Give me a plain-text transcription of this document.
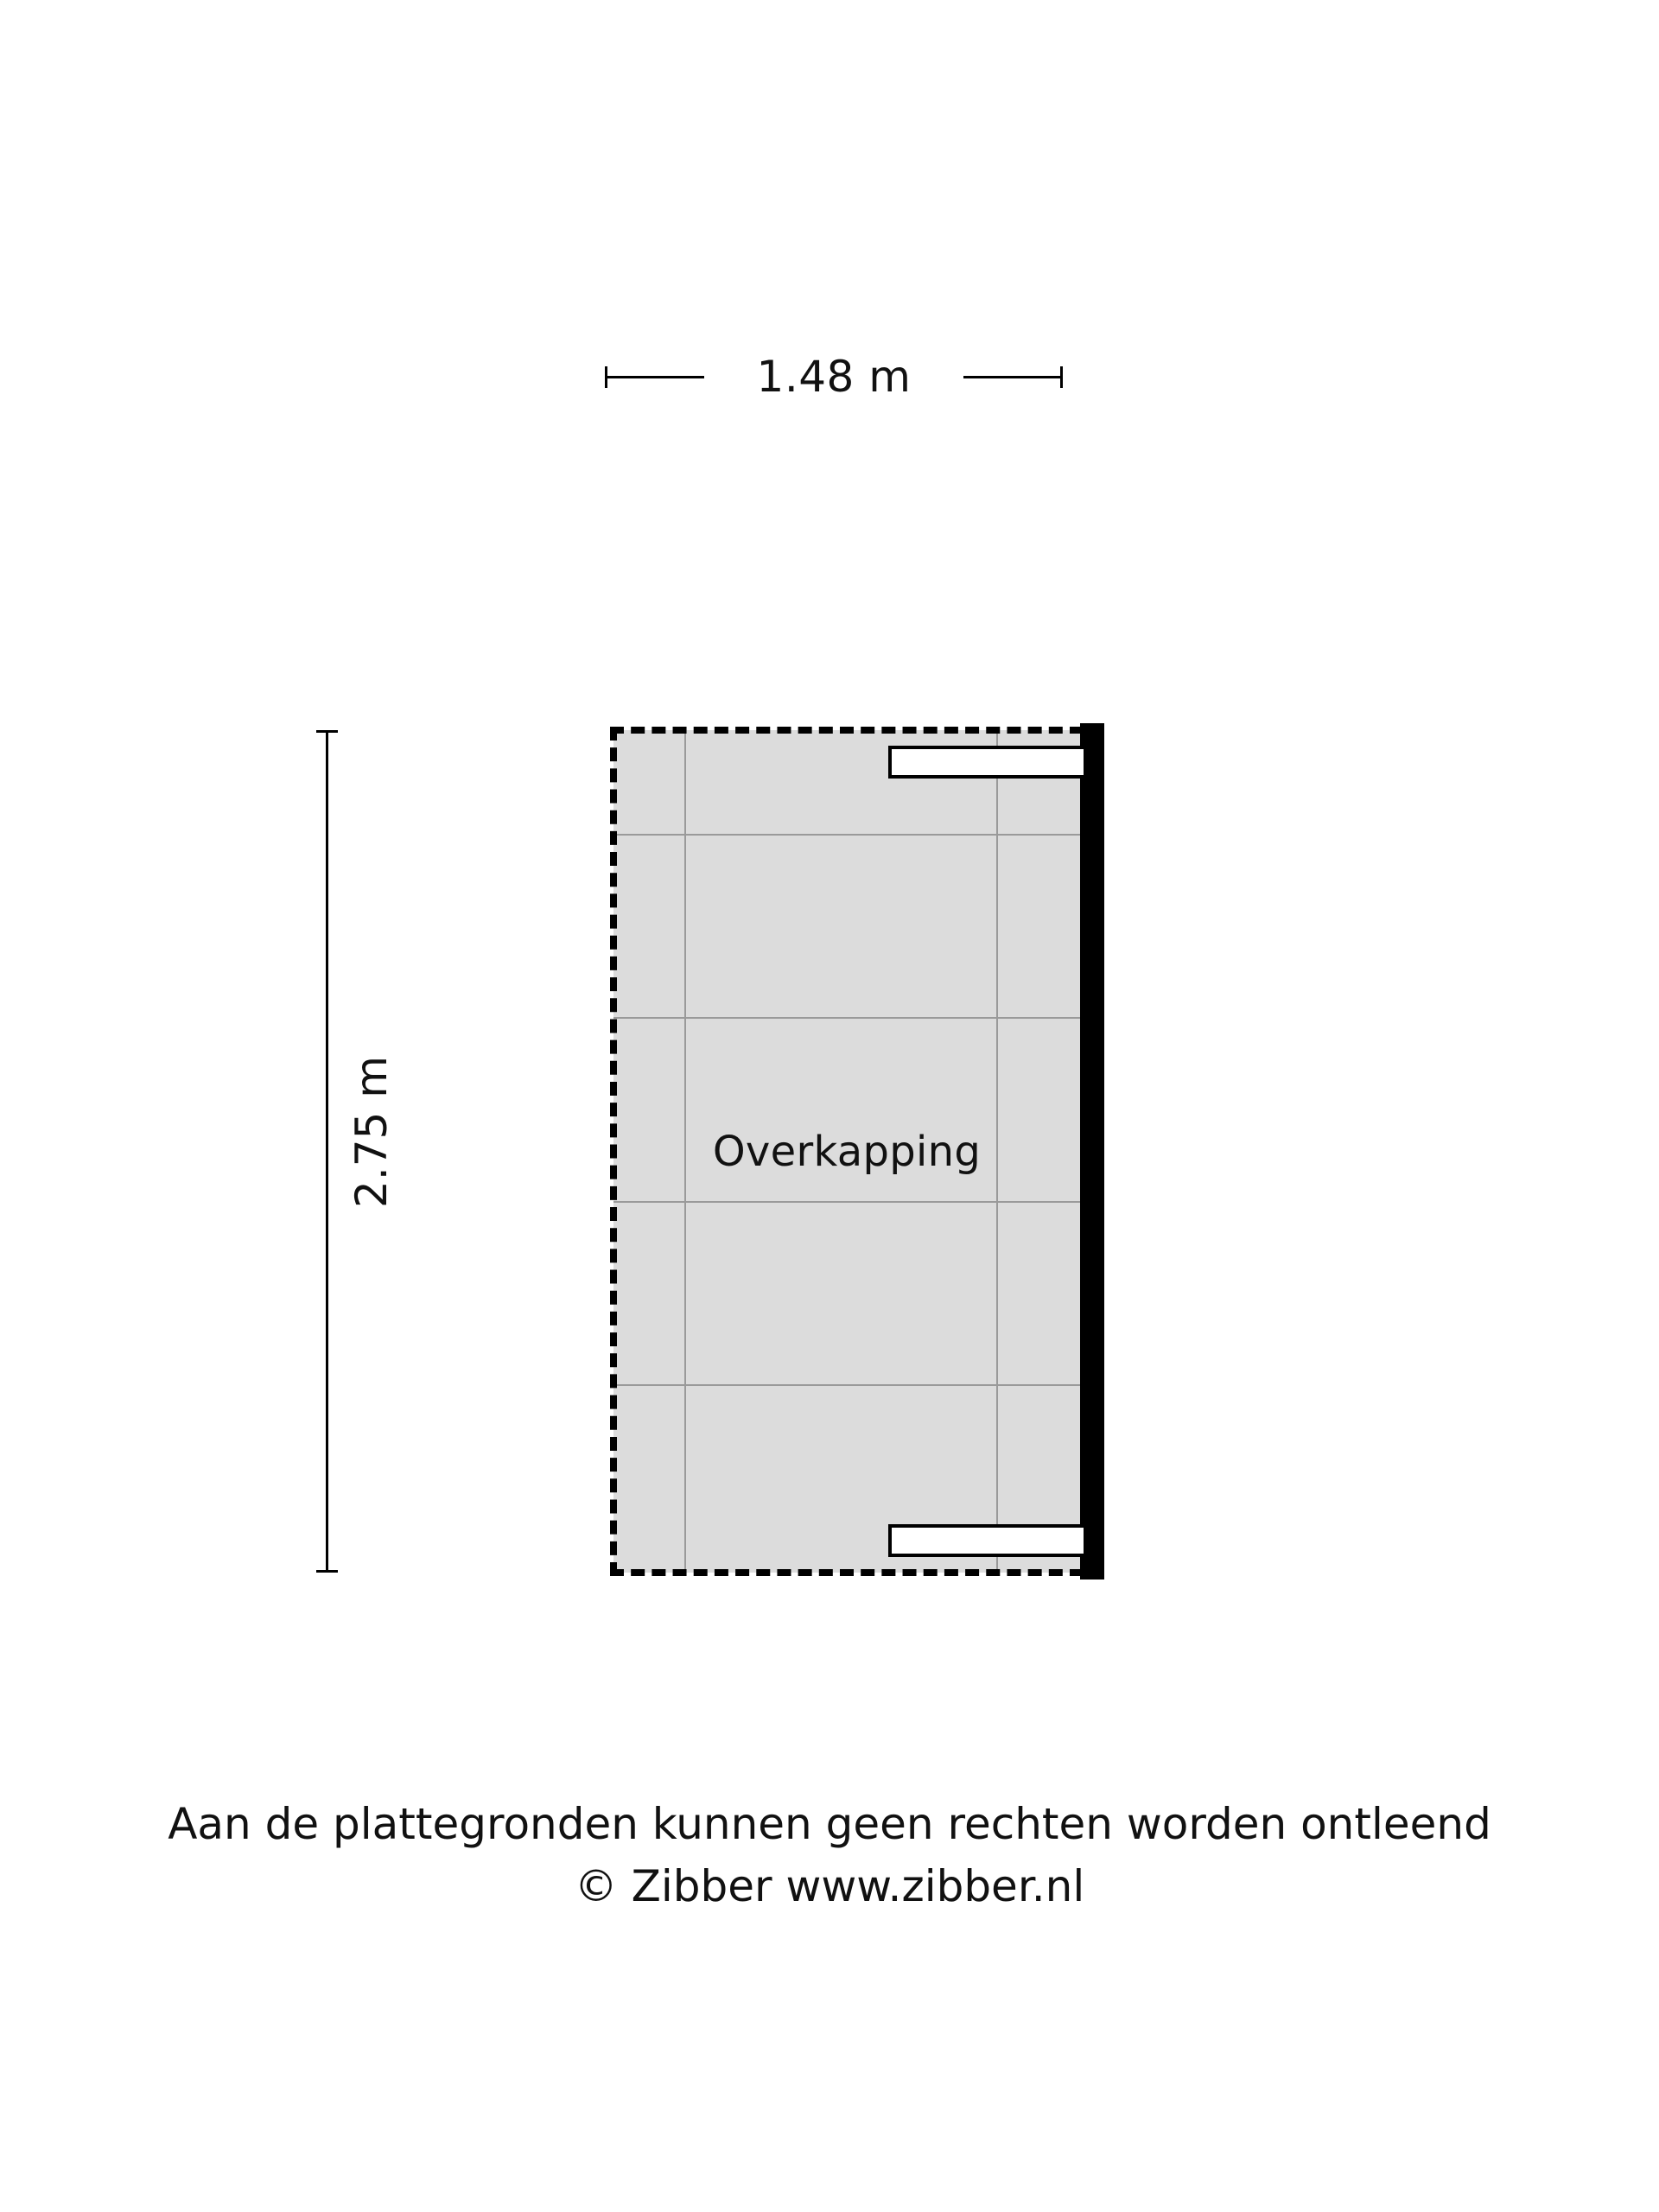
1.48 m
2.75 m	Overkapping
Aan de plattegronden kunnen geen rechten worden ontleend
© Zibber www.zibber.nl
